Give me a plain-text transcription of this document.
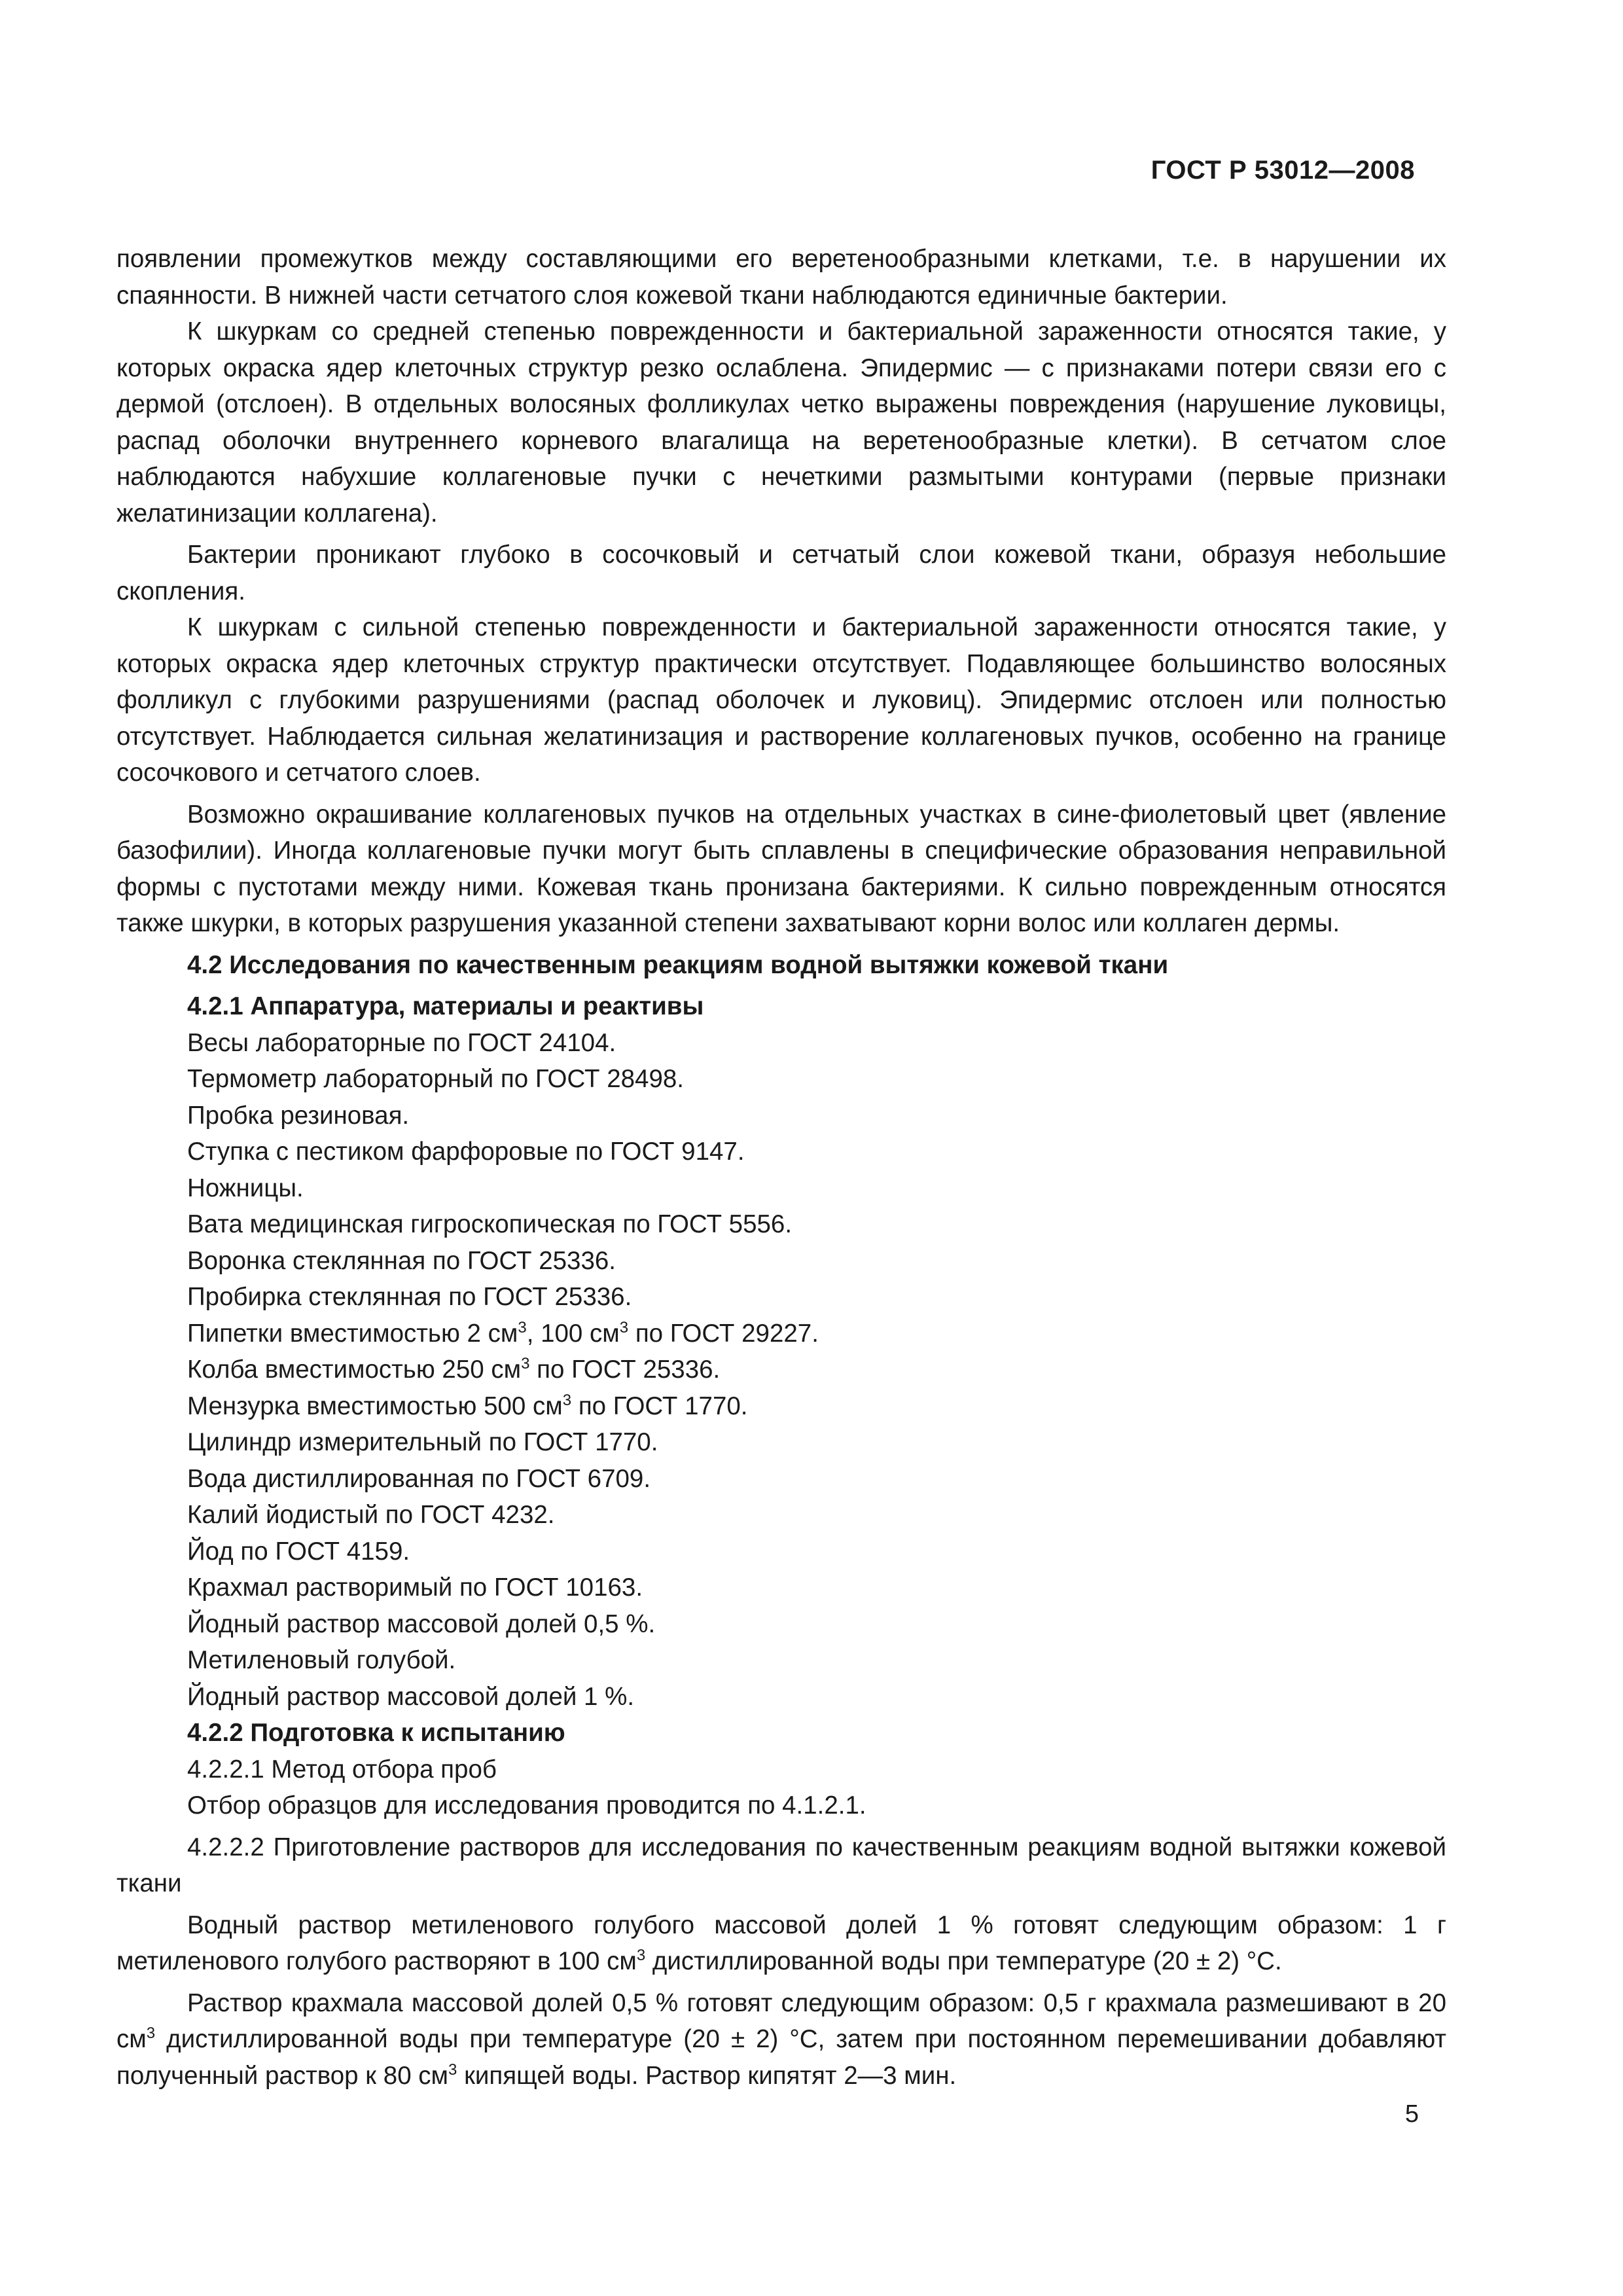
ГОСТ Р 53012—2008

появлении промежутков между составляющими его веретенообразными клетками, т.е. в нарушении их спаянности. В нижней части сетчатого слоя кожевой ткани наблюдаются единичные бактерии.

К шкуркам со средней степенью поврежденности и бактериальной зараженности относятся такие, у которых окраска ядер клеточных структур резко ослаблена. Эпидермис — с признаками потери связи его с дермой (отслоен). В отдельных волосяных фолликулах четко выражены повреждения (нарушение луковицы, распад оболочки внутреннего корневого влагалища на веретенообразные клетки). В сетчатом слое наблюдаются набухшие коллагеновые пучки с нечеткими размытыми контурами (первые признаки желатинизации коллагена).

Бактерии проникают глубоко в сосочковый и сетчатый слои кожевой ткани, образуя небольшие скопления.

К шкуркам с сильной степенью поврежденности и бактериальной зараженности относятся такие, у которых окраска ядер клеточных структур практически отсутствует. Подавляющее большинство волосяных фолликул с глубокими разрушениями (распад оболочек и луковиц). Эпидермис отслоен или полностью отсутствует. Наблюдается сильная желатинизация и растворение коллагеновых пучков, особенно на границе сосочкового и сетчатого слоев.

Возможно окрашивание коллагеновых пучков на отдельных участках в сине-фиолетовый цвет (явление базофилии). Иногда коллагеновые пучки могут быть сплавлены в специфические образования неправильной формы с пустотами между ними. Кожевая ткань пронизана бактериями. К сильно поврежденным относятся также шкурки, в которых разрушения указанной степени захватывают корни волос или коллаген дермы.

4.2 Исследования по качественным реакциям водной вытяжки кожевой ткани

4.2.1 Аппаратура, материалы и реактивы

Весы лабораторные по ГОСТ 24104.

Термометр лабораторный по ГОСТ 28498.

Пробка резиновая.

Ступка с пестиком фарфоровые по ГОСТ 9147.

Ножницы.

Вата медицинская гигроскопическая по ГОСТ 5556.

Воронка стеклянная по ГОСТ 25336.

Пробирка стеклянная по ГОСТ 25336.

Пипетки вместимостью 2 $см^3$, 100 $см^3$ по ГОСТ 29227.

Колба вместимостью 250 $см^3$ по ГОСТ 25336.

Мензурка вместимостью 500 $см^3$ по ГОСТ 1770.

Цилиндр измерительный по ГОСТ 1770.

Вода дистиллированная по ГОСТ 6709.

Калий йодистый по ГОСТ 4232.

Йод по ГОСТ 4159.

Крахмал растворимый по ГОСТ 10163.

Йодный раствор массовой долей 0,5 %.

Метиленовый голубой.

Йодный раствор массовой долей 1 %.

4.2.2 Подготовка к испытанию

4.2.2.1 Метод отбора проб

Отбор образцов для исследования проводится по 4.1.2.1.

4.2.2.2 Приготовление растворов для исследования по качественным реакциям водной вытяжки кожевой ткани

Водный раствор метиленового голубого массовой долей 1 % готовят следующим образом: 1 г метиленового голубого растворяют в 100 $см^3$ дистиллированной воды при температуре (20 ± 2) °C.

Раствор крахмала массовой долей 0,5 % готовят следующим образом: 0,5 г крахмала размешивают в 20 $см^3$ дистиллированной воды при температуре (20 ± 2) °C, затем при постоянном перемешивании добавляют полученный раствор к 80 $см^3$ кипящей воды. Раствор кипятят 2—3 мин.

5
